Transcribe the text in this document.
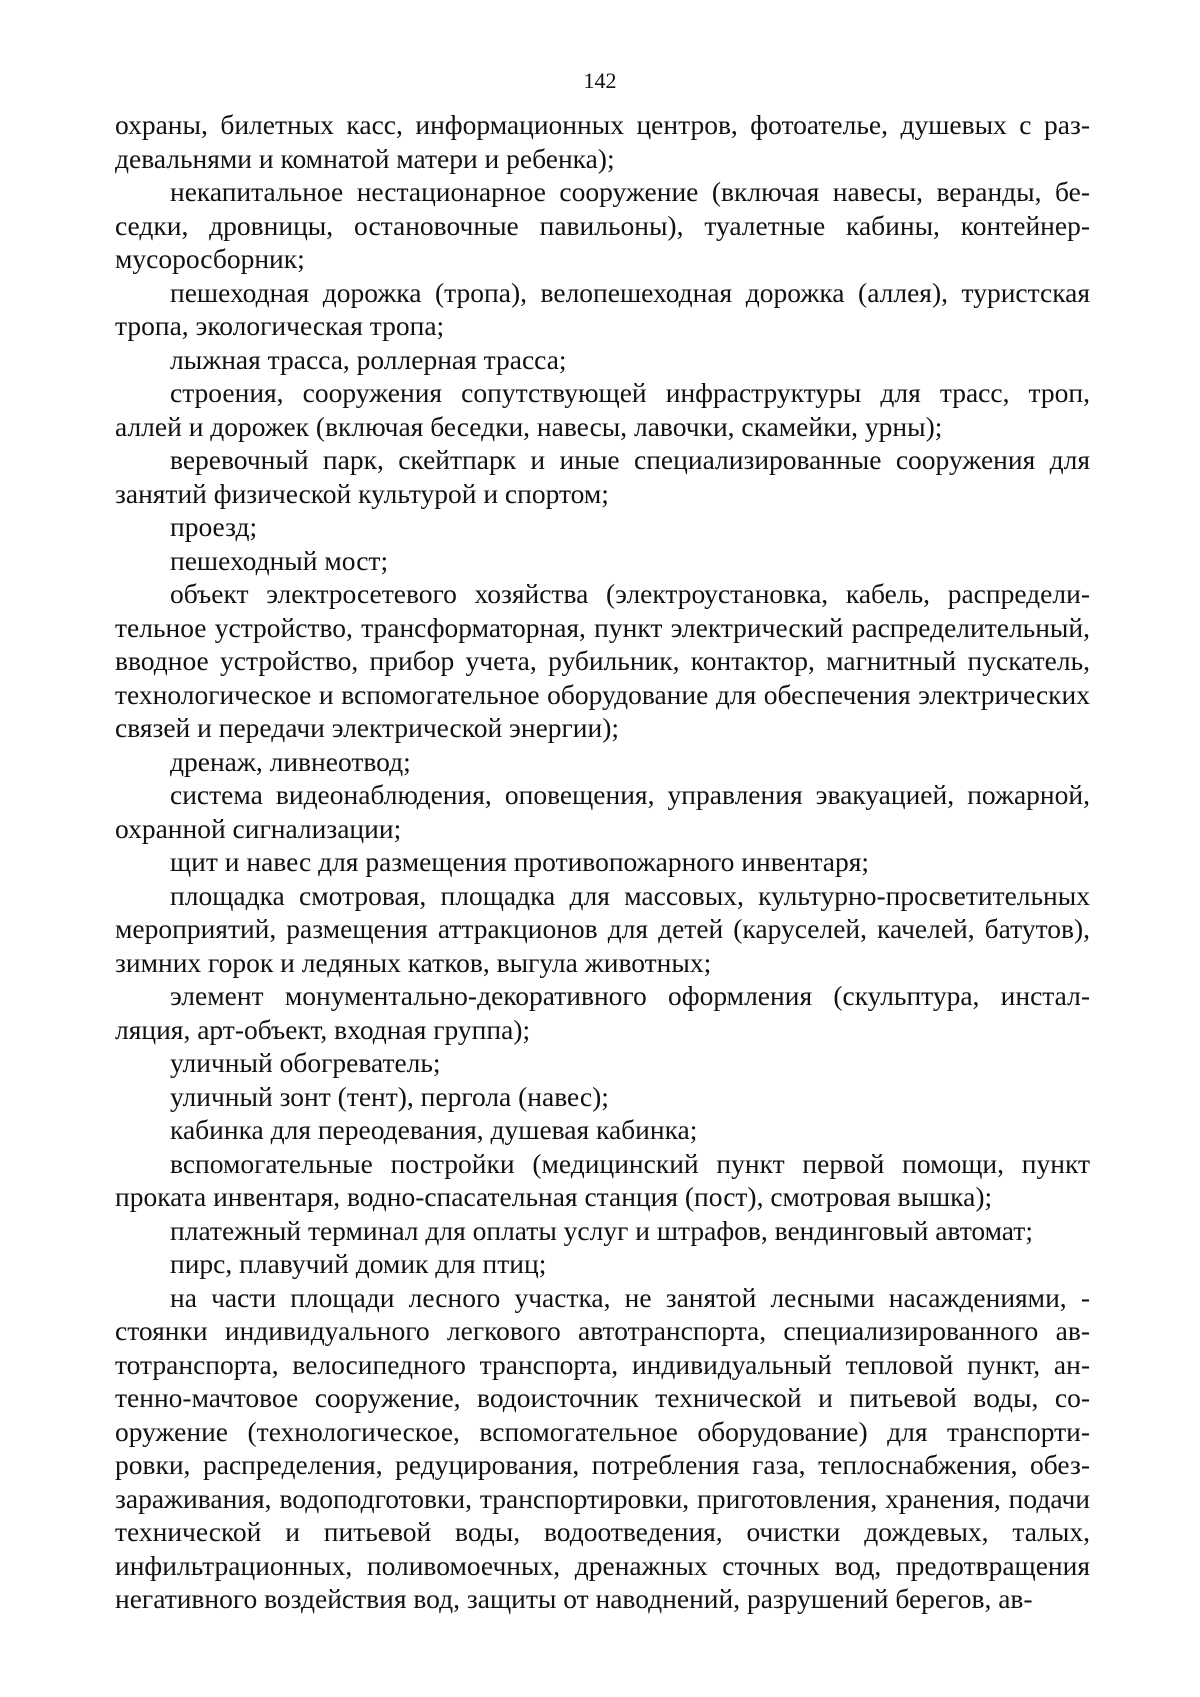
142

охраны, билетных касс, информационных центров, фотоателье, душевых с раздевальнями и комнатой матери и ребенка);

некапитальное нестационарное сооружение (включая навесы, веранды, беседки, дровницы, остановочные павильоны), туалетные кабины, контейнер-мусоросборник;

пешеходная дорожка (тропа), велопешеходная дорожка (аллея), туристская тропа, экологическая тропа;

лыжная трасса, роллерная трасса;

строения, сооружения сопутствующей инфраструктуры для трасс, троп, аллей и дорожек (включая беседки, навесы, лавочки, скамейки, урны);

веревочный парк, скейтпарк и иные специализированные сооружения для занятий физической культурой и спортом;

проезд;

пешеходный мост;

объект электросетевого хозяйства (электроустановка, кабель, распределительное устройство, трансформаторная, пункт электрический распределительный, вводное устройство, прибор учета, рубильник, контактор, магнитный пускатель, технологическое и вспомогательное оборудование для обеспечения электрических связей и передачи электрической энергии);

дренаж, ливнеотвод;

система видеонаблюдения, оповещения, управления эвакуацией, пожарной, охранной сигнализации;

щит и навес для размещения противопожарного инвентаря;

площадка смотровая, площадка для массовых, культурно-просветительных мероприятий, размещения аттракционов для детей (каруселей, качелей, батутов), зимних горок и ледяных катков, выгула животных;

элемент монументально-декоративного оформления (скульптура, инсталляция, арт-объект, входная группа);

уличный обогреватель;

уличный зонт (тент), пергола (навес);

кабинка для переодевания, душевая кабинка;

вспомогательные постройки (медицинский пункт первой помощи, пункт проката инвентаря, водно-спасательная станция (пост), смотровая вышка);

платежный терминал для оплаты услуг и штрафов, вендинговый автомат;

пирс, плавучий домик для птиц;

на части площади лесного участка, не занятой лесными насаждениями, - стоянки индивидуального легкового автотранспорта, специализированного автотранспорта, велосипедного транспорта, индивидуальный тепловой пункт, антенно-мачтовое сооружение, водоисточник технической и питьевой воды, сооружение (технологическое, вспомогательное оборудование) для транспортировки, распределения, редуцирования, потребления газа, теплоснабжения, обеззараживания, водоподготовки, транспортировки, приготовления, хранения, подачи технической и питьевой воды, водоотведения, очистки дождевых, талых, инфильтрационных, поливомоечных, дренажных сточных вод, предотвращения негативного воздействия вод, защиты от наводнений, разрушений берегов, ав-
